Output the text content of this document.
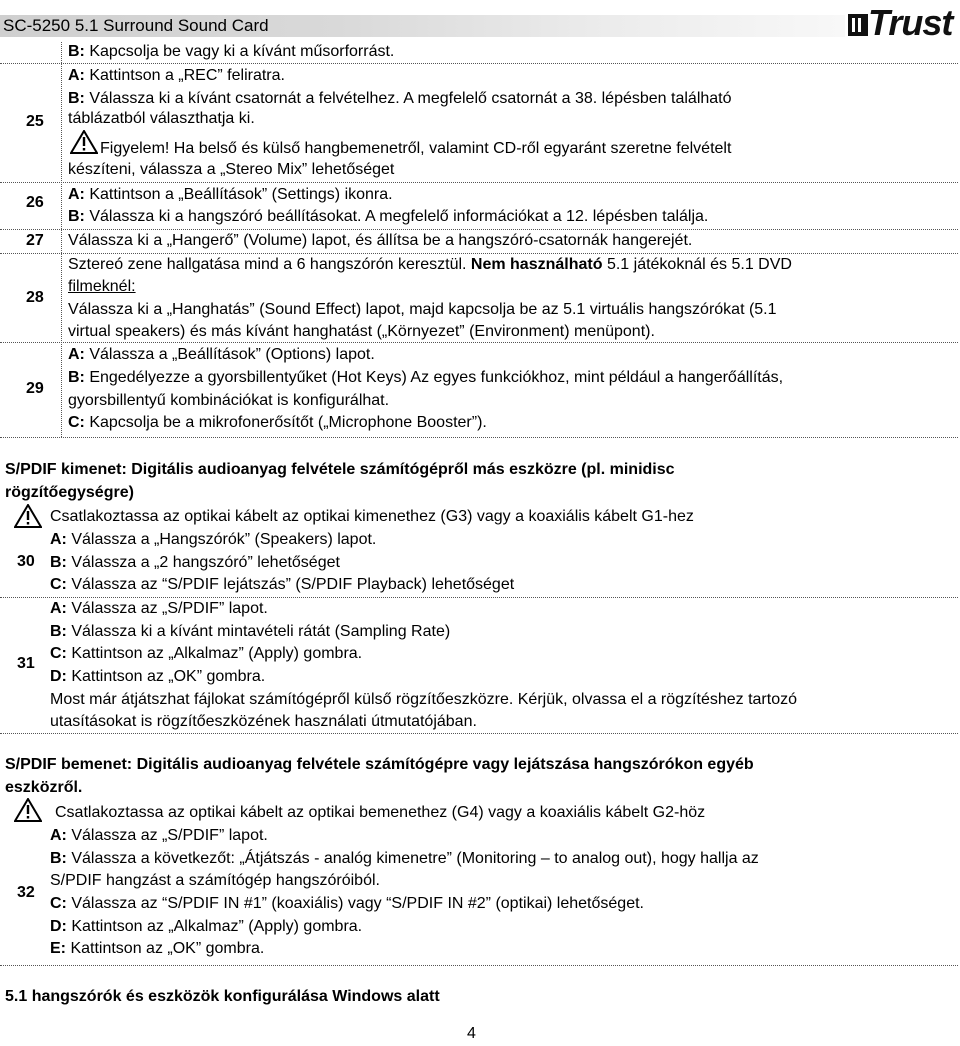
SC-5250 5.1 Surround Sound Card	Trust
25
B: Kapcsolja be vagy ki a kívánt műsorforrást.
A: Kattintson a „REC” feliratra.
B: Válassza ki a kívánt csatornát a felvételhez. A megfelelő csatornát a 38. lépésben található
táblázatból választhatja ki.
Figyelem! Ha belső és külső hangbemenetről, valamint CD-ről egyaránt szeretne felvételt
készíteni, válassza a „Stereo Mix” lehetőséget
26 A: Kattintson a „Beállítások” (Settings) ikonra.
B: Válassza ki a hangszóró beállításokat. A megfelelő információkat a 12. lépésben találja.
27 Válassza ki a „Hangerő” (Volume) lapot, és állítsa be a hangszóró-csatornák hangerejét.
28
Sztereó zene hallgatása mind a 6 hangszórón keresztül. Nem használható 5.1 játékoknál és 5.1 DVD
filmeknél:
Válassza ki a „Hanghatás” (Sound Effect) lapot, majd kapcsolja be az 5.1 virtuális hangszórókat (5.1
virtual speakers) és más kívánt hanghatást („Környezet” (Environment) menüpont).
29
A: Válassza a „Beállítások” (Options) lapot.
B: Engedélyezze a gyorsbillentyűket (Hot Keys) Az egyes funkciókhoz, mint például a hangerőállítás,
gyorsbillentyű kombinációkat is konfigurálhat.
C: Kapcsolja be a mikrofonerősítőt („Microphone Booster”).
S/PDIF kimenet: Digitális audioanyag felvétele számítógépről más eszközre (pl. minidisc
rögzítőegységre)
30
Csatlakoztassa az optikai kábelt az optikai kimenethez (G3) vagy a koaxiális kábelt G1-hez
A: Válassza a „Hangszórók” (Speakers) lapot.
B: Válassza a „2 hangszóró” lehetőséget
C: Válassza az “S/PDIF lejátszás” (S/PDIF Playback) lehetőséget
31
A: Válassza az „S/PDIF” lapot.
B: Válassza ki a kívánt mintavételi rátát (Sampling Rate)
C: Kattintson az „Alkalmaz” (Apply) gombra.
D: Kattintson az „OK” gombra.
Most már átjátszhat fájlokat számítógépről külső rögzítőeszközre. Kérjük, olvassa el a rögzítéshez tartozó
utasításokat is rögzítőeszközének használati útmutatójában.
S/PDIF bemenet: Digitális audioanyag felvétele számítógépre vagy lejátszása hangszórókon egyéb
eszközről.
32
Csatlakoztassa az optikai kábelt az optikai bemenethez (G4) vagy a koaxiális kábelt G2-höz
A: Válassza az „S/PDIF” lapot.
B: Válassza a következőt: „Átjátszás - analóg kimenetre” (Monitoring – to analog out), hogy hallja az
S/PDIF hangzást a számítógép hangszóróiból.
C: Válassza az “S/PDIF IN #1” (koaxiális) vagy “S/PDIF IN #2” (optikai) lehetőséget.
D: Kattintson az „Alkalmaz” (Apply) gombra.
E: Kattintson az „OK” gombra.
5.1 hangszórók és eszközök konfigurálása Windows alatt
4
